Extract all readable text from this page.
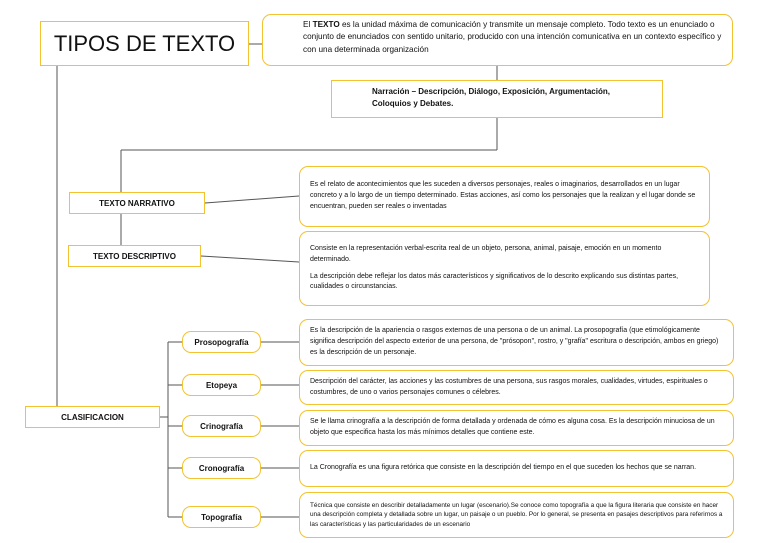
TIPOS DE TEXTO
El TEXTO es la unidad máxima de comunicación y transmite un mensaje completo. Todo texto es un enunciado o conjunto de enunciados con sentido unitario, producido con una intención comunicativa en un contexto específico y con una determinada organización
Narración – Descripción, Diálogo, Exposición, Argumentación, Coloquios y Debates.
TEXTO NARRATIVO

Es el relato de acontecimientos que les suceden a diversos personajes, reales o imaginarios, desarrollados en un lugar concreto y a lo largo de un tiempo determinado. Estas acciones, así como los personajes que la realizan y el lugar donde se encuentran, pueden ser reales o inventadas

TEXTO DESCRIPTIVO

Consiste en la representación verbal-escrita real de un objeto, persona, animal, paisaje, emoción en un momento determinado.

La descripción debe reflejar los datos más característicos y significativos de lo descrito explicando sus distintas partes, cualidades o circunstancias.

CLASIFICACION
Prosopografía

Es la descripción de la apariencia o rasgos externos de una persona o de un animal. La prosopografía (que etimológicamente significa descripción del aspecto exterior de una persona, de "prósopon", rostro, y "grafía" escritura o descripción, ambos en griego) es la descripción de un personaje.

Etopeya	Descripción del carácter, las acciones y las costumbres de una persona, sus rasgos morales, cualidades, virtudes, espirituales o costumbres, de uno o varios personajes comunes o célebres.

Crinografía	Se le llama crinografía a la descripción de forma detallada y ordenada de cómo es alguna cosa. Es la descripción minuciosa de un objeto que especifica hasta los más mínimos detalles que contiene este.

Cronografía	La Cronografía es una figura retórica que consiste en la descripción del tiempo en el que suceden los hechos que se narran.

Topografía

Técnica que consiste en describir detalladamente un lugar (escenario).Se conoce como topografía a que la figura literaria que consiste en hacer una descripción completa y detallada sobre un lugar, un paisaje o un pueblo. Por lo general, se presenta en pasajes descriptivos para referirnos a las características y las particularidades de un escenario
